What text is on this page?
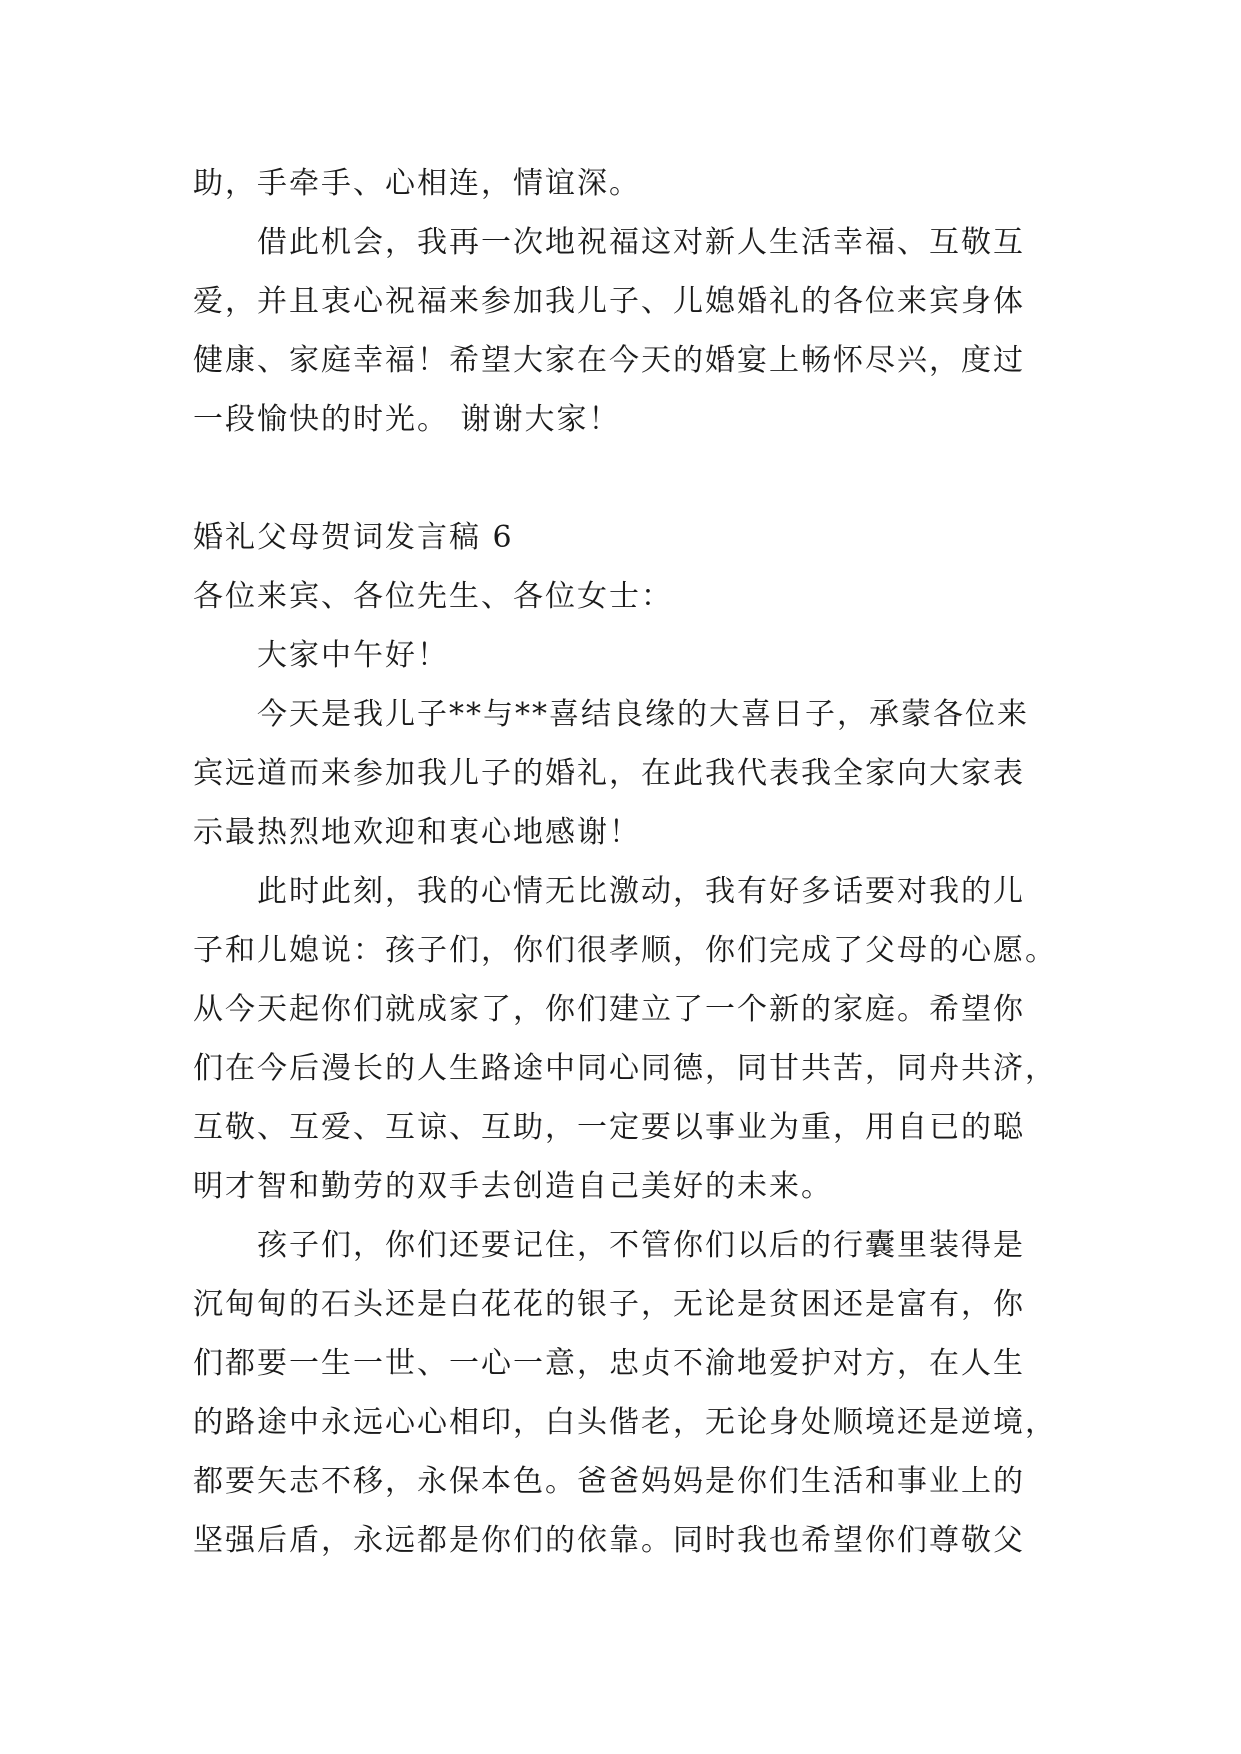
助，手牵手、心相连，情谊深。
借此机会，我再一次地祝福这对新人生活幸福、互敬互
爱，并且衷心祝福来参加我儿子、儿媳婚礼的各位来宾身体
健康、家庭幸福！希望大家在今天的婚宴上畅怀尽兴，度过
一段愉快的时光。 谢谢大家！
婚礼父母贺词发言稿 6
各位来宾、各位先生、各位女士：
大家中午好！
今天是我儿子**与**喜结良缘的大喜日子，承蒙各位来
宾远道而来参加我儿子的婚礼，在此我代表我全家向大家表
示最热烈地欢迎和衷心地感谢！
此时此刻，我的心情无比激动，我有好多话要对我的儿
子和儿媳说：孩子们，你们很孝顺，你们完成了父母的心愿。
从今天起你们就成家了，你们建立了一个新的家庭。希望你
们在今后漫长的人生路途中同心同德，同甘共苦，同舟共济，
互敬、互爱、互谅、互助，一定要以事业为重，用自已的聪
明才智和勤劳的双手去创造自己美好的未来。
孩子们，你们还要记住，不管你们以后的行囊里装得是
沉甸甸的石头还是白花花的银子，无论是贫困还是富有，你
们都要一生一世、一心一意，忠贞不渝地爱护对方，在人生
的路途中永远心心相印，白头偕老，无论身处顺境还是逆境，
都要矢志不移，永保本色。爸爸妈妈是你们生活和事业上的
坚强后盾，永远都是你们的依靠。同时我也希望你们尊敬父
